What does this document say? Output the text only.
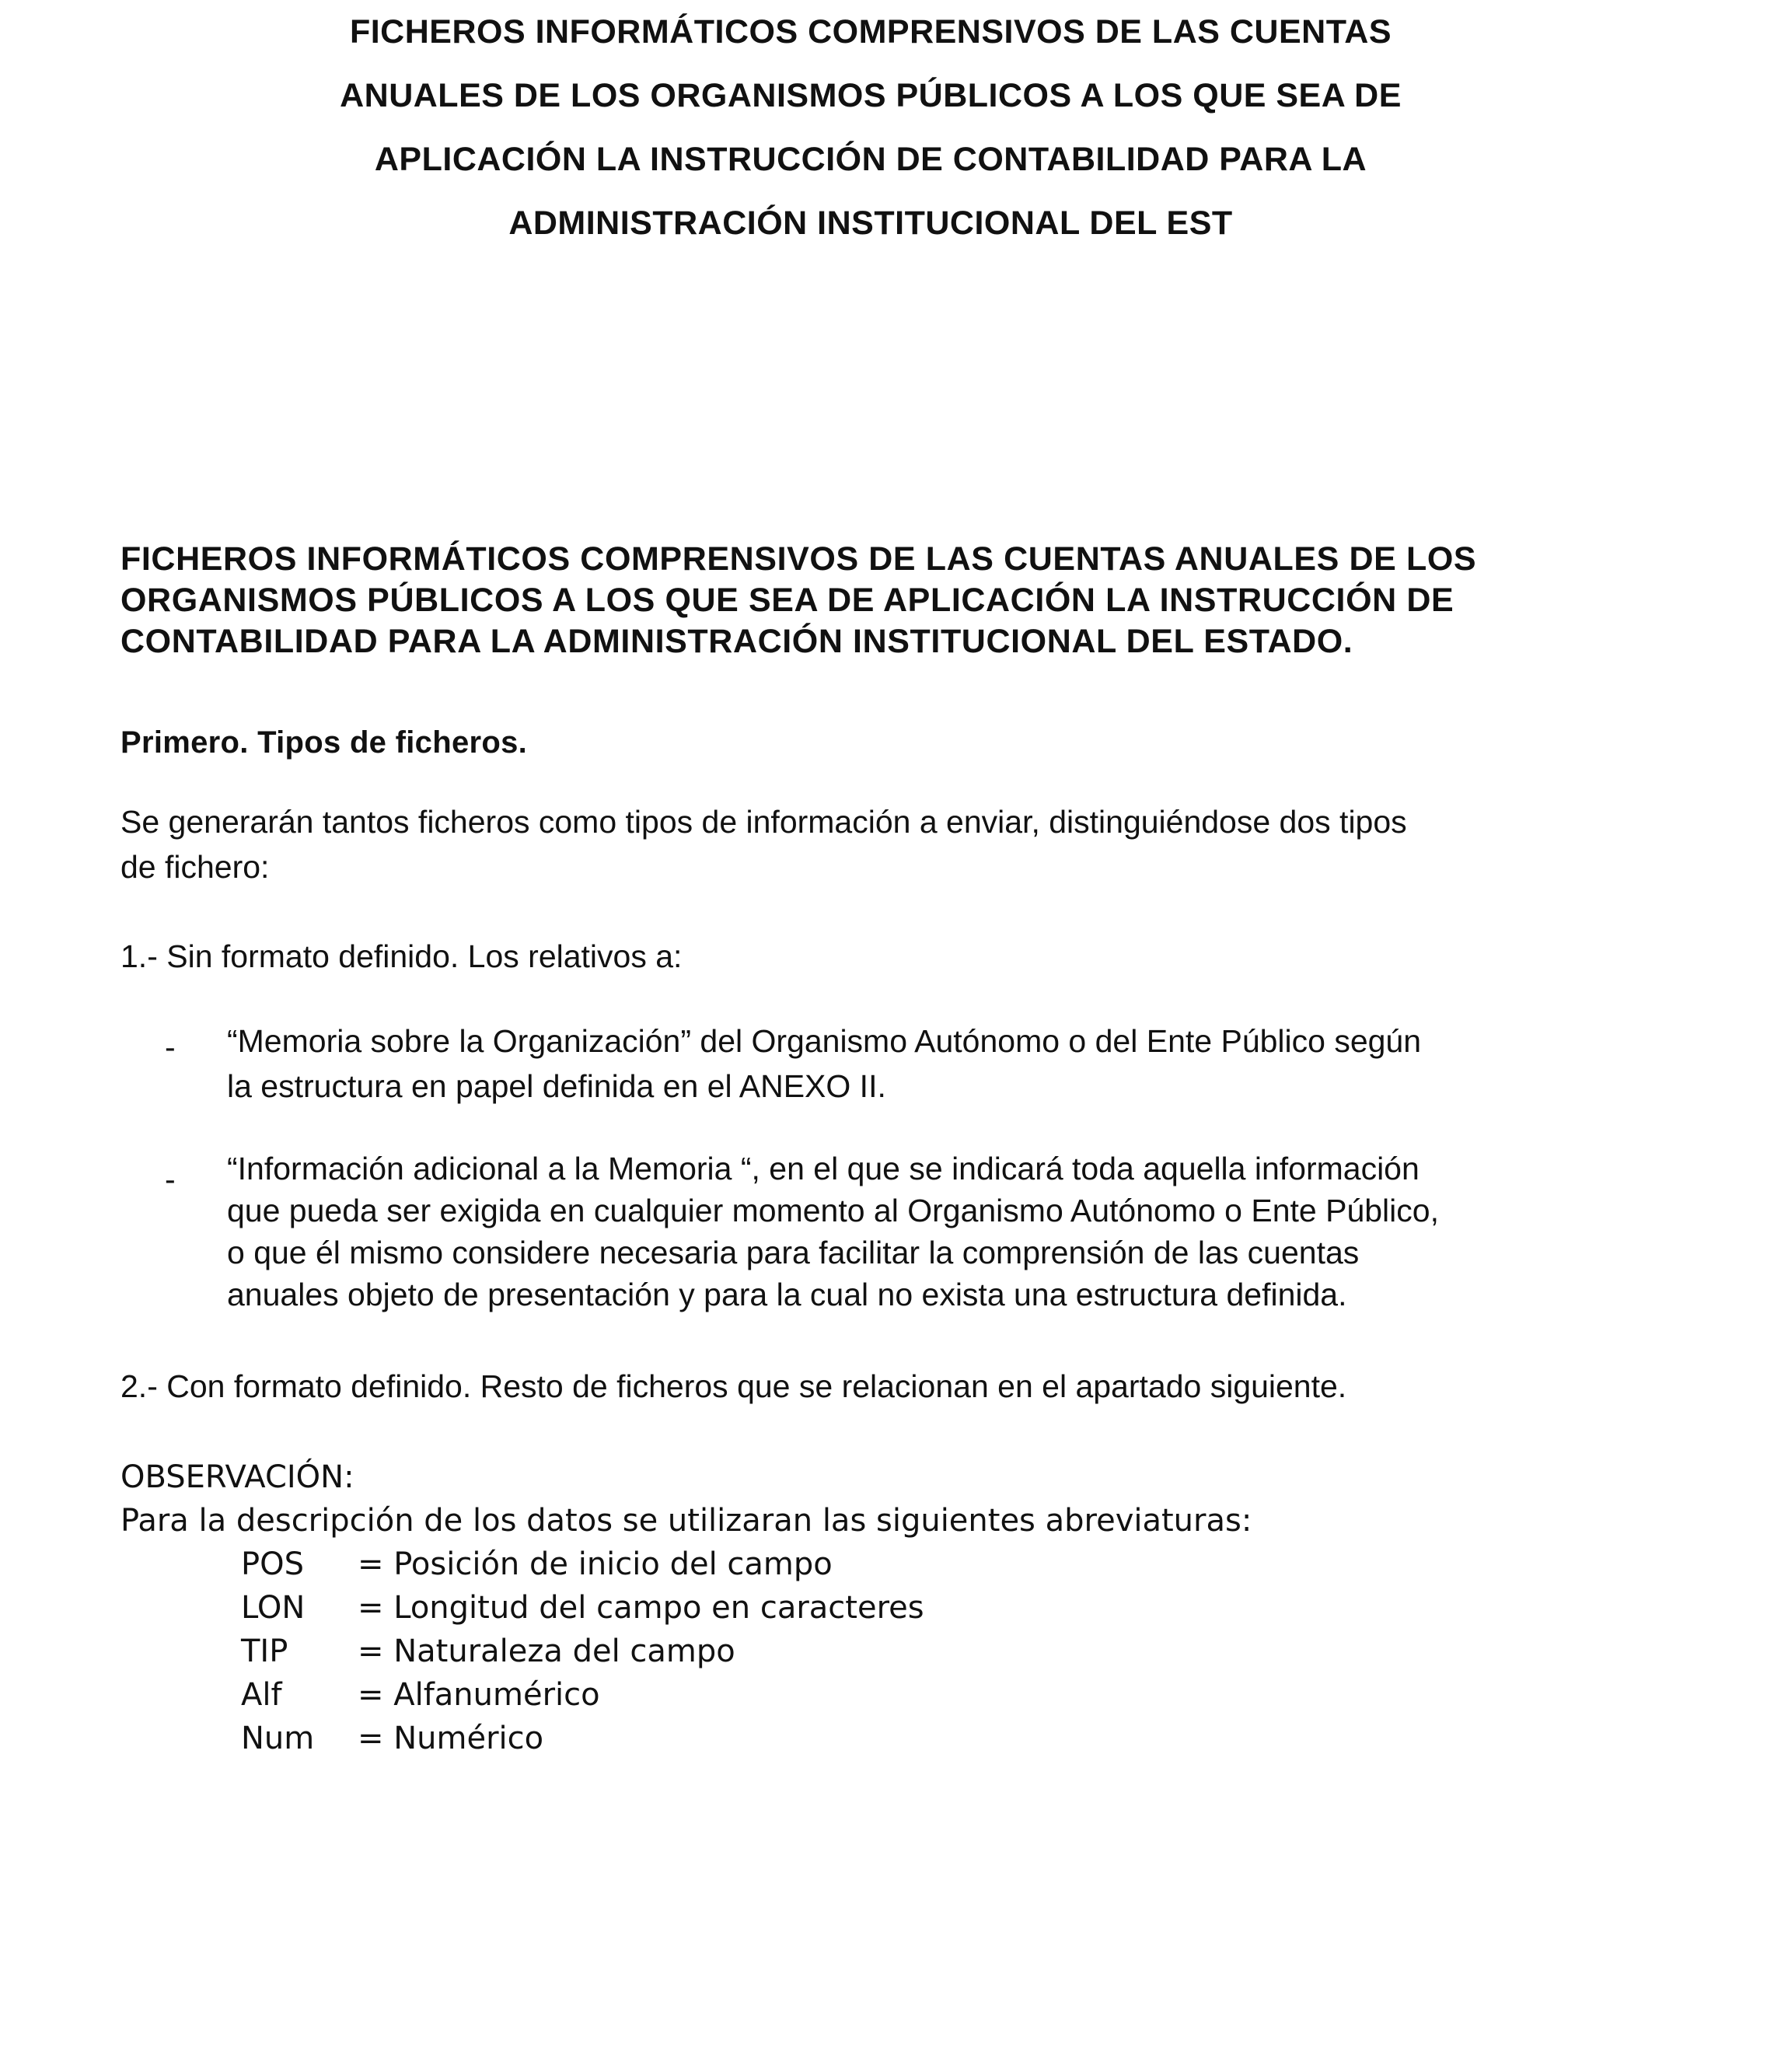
FICHEROS INFORMÁTICOS COMPRENSIVOS DE LAS CUENTAS
ANUALES DE LOS ORGANISMOS PÚBLICOS A LOS QUE SEA DE
APLICACIÓN LA INSTRUCCIÓN DE CONTABILIDAD PARA LA
ADMINISTRACIÓN INSTITUCIONAL DEL EST
FICHEROS INFORMÁTICOS COMPRENSIVOS DE LAS CUENTAS ANUALES DE LOS
ORGANISMOS PÚBLICOS A LOS QUE SEA DE APLICACIÓN LA INSTRUCCIÓN DE
CONTABILIDAD PARA LA ADMINISTRACIÓN INSTITUCIONAL DEL ESTADO.
Primero. Tipos de ficheros.
Se generarán tantos ficheros como tipos de información a enviar, distinguiéndose dos tipos
de fichero:
1.- Sin formato definido. Los relativos a:
- “Memoria sobre la Organización” del Organismo Autónomo o del Ente Público según
la estructura en papel definida en el ANEXO II.
- “Información adicional a la Memoria “, en el que se indicará toda aquella información
que pueda ser exigida en cualquier momento al Organismo Autónomo o Ente Público,
o que él mismo considere necesaria para facilitar la comprensión de las cuentas
anuales objeto de presentación y para la cual no exista una estructura definida.
2.- Con formato definido. Resto de ficheros que se relacionan en el apartado siguiente.
OBSERVACIÓN:
Para la descripción de los datos se utilizaran las siguientes abreviaturas:
POS = Posición de inicio del campo
LON = Longitud del campo en caracteres
TIP = Naturaleza del campo
Alf = Alfanumérico
Num = Numérico
